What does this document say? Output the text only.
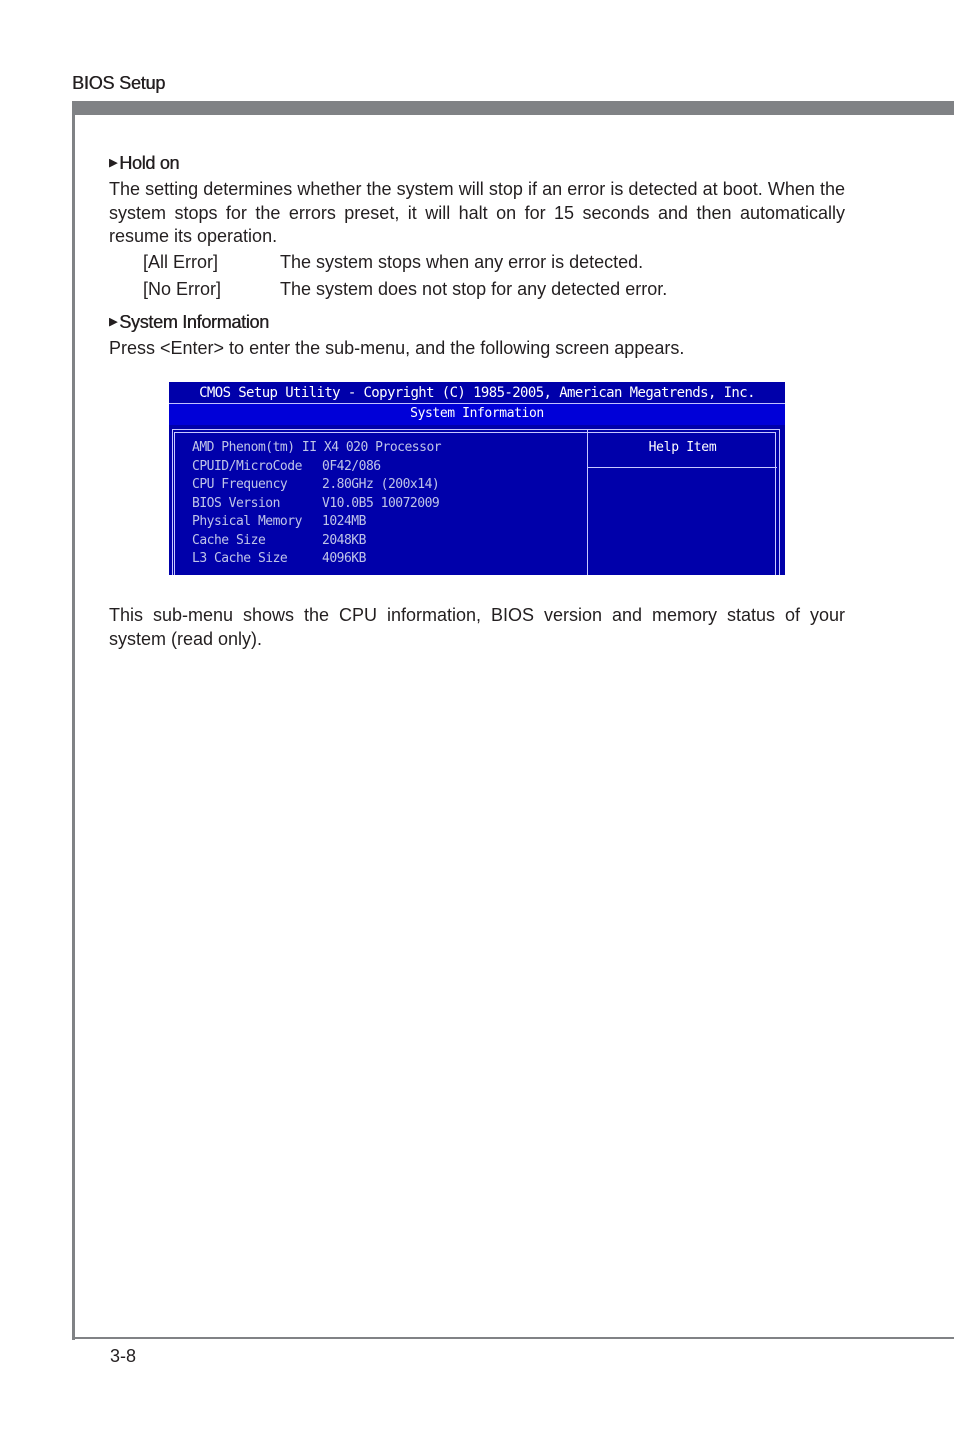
BIOS Setup
▶ Hold on
The setting determines whether the system will stop if an error is detected at boot. When the system stops for the errors preset, it will halt on for 15 seconds and then automatically resume its operation.
[All Error]	The system stops when any error is detected.
[No Error]	The system does not stop for any detected error.
▶ System Information
Press <Enter> to enter the sub-menu, and the following screen appears.
CMOS Setup Utility - Copyright (C) 1985-2005, American Megatrends, Inc.
System Information
Help Item
AMD Phenom(tm) II X4 020 Processor
CPUID/MicroCode 0F42/086
CPU Frequency	2.80GHz (200x14)
BIOS Version	V10.0B5 10072009
Physical Memory 1024MB
Cache Size	2048KB
L3 Cache Size	4096KB
This sub-menu shows the CPU information, BIOS version and memory status of your system (read only).
3-8
